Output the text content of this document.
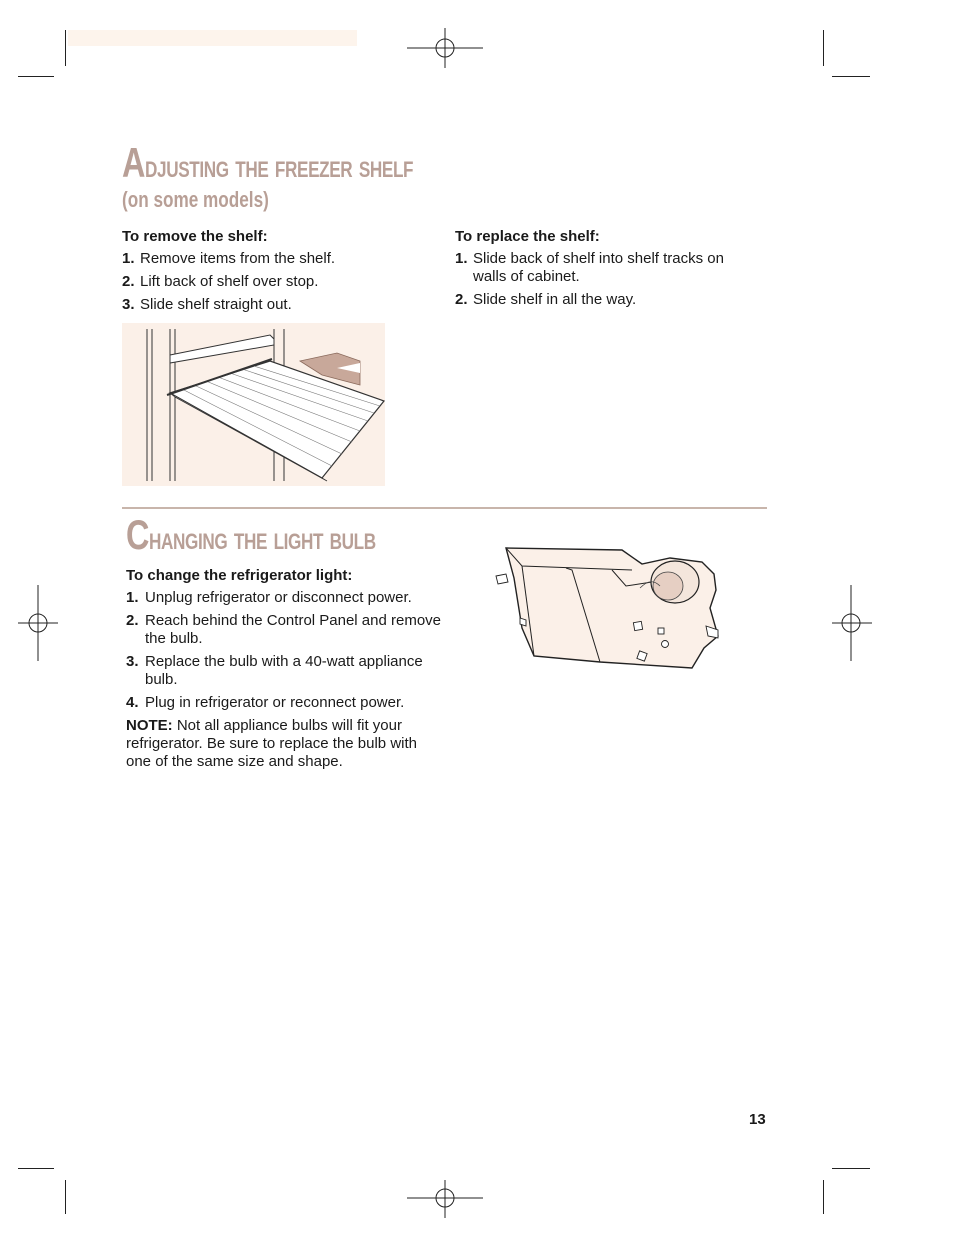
Adjusting the freezer shelf
(on some models)

To remove the shelf:

1. Remove items from the shelf.
2. Lift back of shelf over stop.
3. Slide shelf straight out.

To replace the shelf:

1. Slide back of shelf into shelf tracks on walls of cabinet.
2. Slide shelf in all the way.
Changing the light bulb

To change the refrigerator light:

1. Unplug refrigerator or disconnect power.
2. Reach behind the Control Panel and remove the bulb.
3. Replace the bulb with a 40-watt appliance bulb.
4. Plug in refrigerator or reconnect power.

NOTE: Not all appliance bulbs will fit your refrigerator. Be sure to replace the bulb with one of the same size and shape.

13
